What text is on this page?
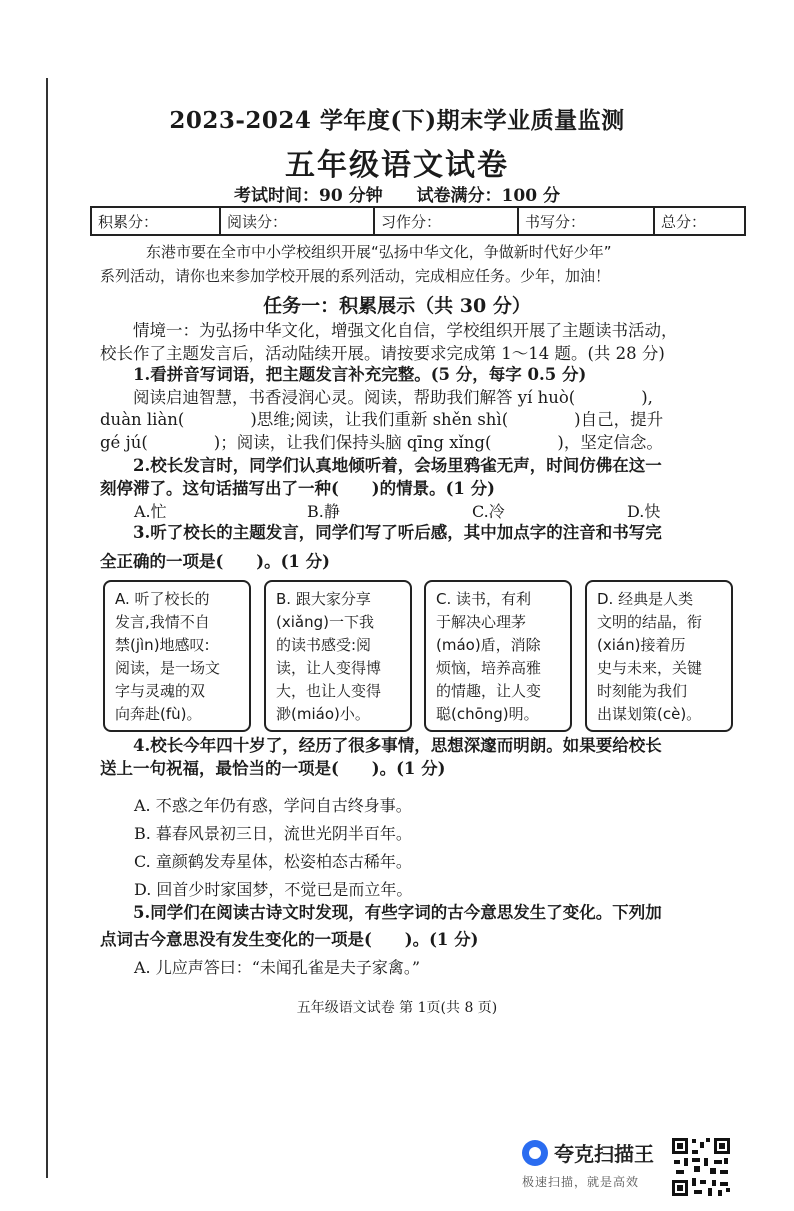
2023-2024 学年度(下)期末学业质量监测
五年级语文试卷
考试时间：90 分钟 试卷满分：100 分
积累分：	阅读分：	习作分：	书写分：	总分：

东港市要在全市中小学校组织开展“弘扬中华文化，争做新时代好少年”

系列活动，请你也来参加学校开展的系列活动，完成相应任务。少年，加油！

任务一：积累展示（共 30 分）
情境一：为弘扬中华文化，增强文化自信，学校组织开展了主题读书活动，
校长作了主题发言后，活动陆续开展。请按要求完成第 1～14 题。(共 28 分)
1.看拼音写词语，把主题发言补充完整。(5 分，每字 0.5 分)
阅读启迪智慧，书香浸润心灵。阅读，帮助我们解答 yí huò(　　　　),
duàn liàn(　　　　)思维;阅读，让我们重新 shěn shì(　　　　)自己，提升
gé jú(　　　　)；阅读，让我们保持头脑 qīng xǐng(　　　　)，坚定信念。
2.校长发言时，同学们认真地倾听着，会场里鸦雀无声，时间仿佛在这一
刻停滞了。这句话描写出了一种(　　)的情景。(1 分)
A.忙	B.静	C.冷	D.快
3.听了校长的主题发言，同学们写了听后感，其中加点字的注音和书写完
全正确的一项是(　　)。(1 分)
A. 听了校长的
发言,我情不自
禁(jìn)地感叹:
阅读，是一场文
字与灵魂的双
向奔赴(fù)。
B. 跟大家分享
(xiǎng)一下我
的读书感受:阅
读，让人变得博
大，也让人变得
渺(miáo)小。
C. 读书，有利
于解决心理茅
(máo)盾，消除
烦恼，培养高雅
的情趣，让人变
聪(chōng)明。
D. 经典是人类
文明的结晶，衔
(xián)接着历
史与未来，关键
时刻能为我们
出谋划策(cè)。
4.校长今年四十岁了，经历了很多事情，思想深邃而明朗。如果要给校长
送上一句祝福，最恰当的一项是(　　)。(1 分)
A. 不惑之年仍有惑，学问自古终身事。
B. 暮春风景初三日，流世光阴半百年。
C. 童颜鹤发寿星体，松姿柏态古稀年。
D. 回首少时家国梦，不觉已是而立年。
5.同学们在阅读古诗文时发现，有些字词的古今意思发生了变化。下列加
点词古今意思没有发生变化的一项是(　　)。(1 分)
A. 儿应声答曰：“未闻孔雀是夫子家禽。”
五年级语文试卷 第 1页(共 8 页)
夸克扫描王
极速扫描，就是高效
